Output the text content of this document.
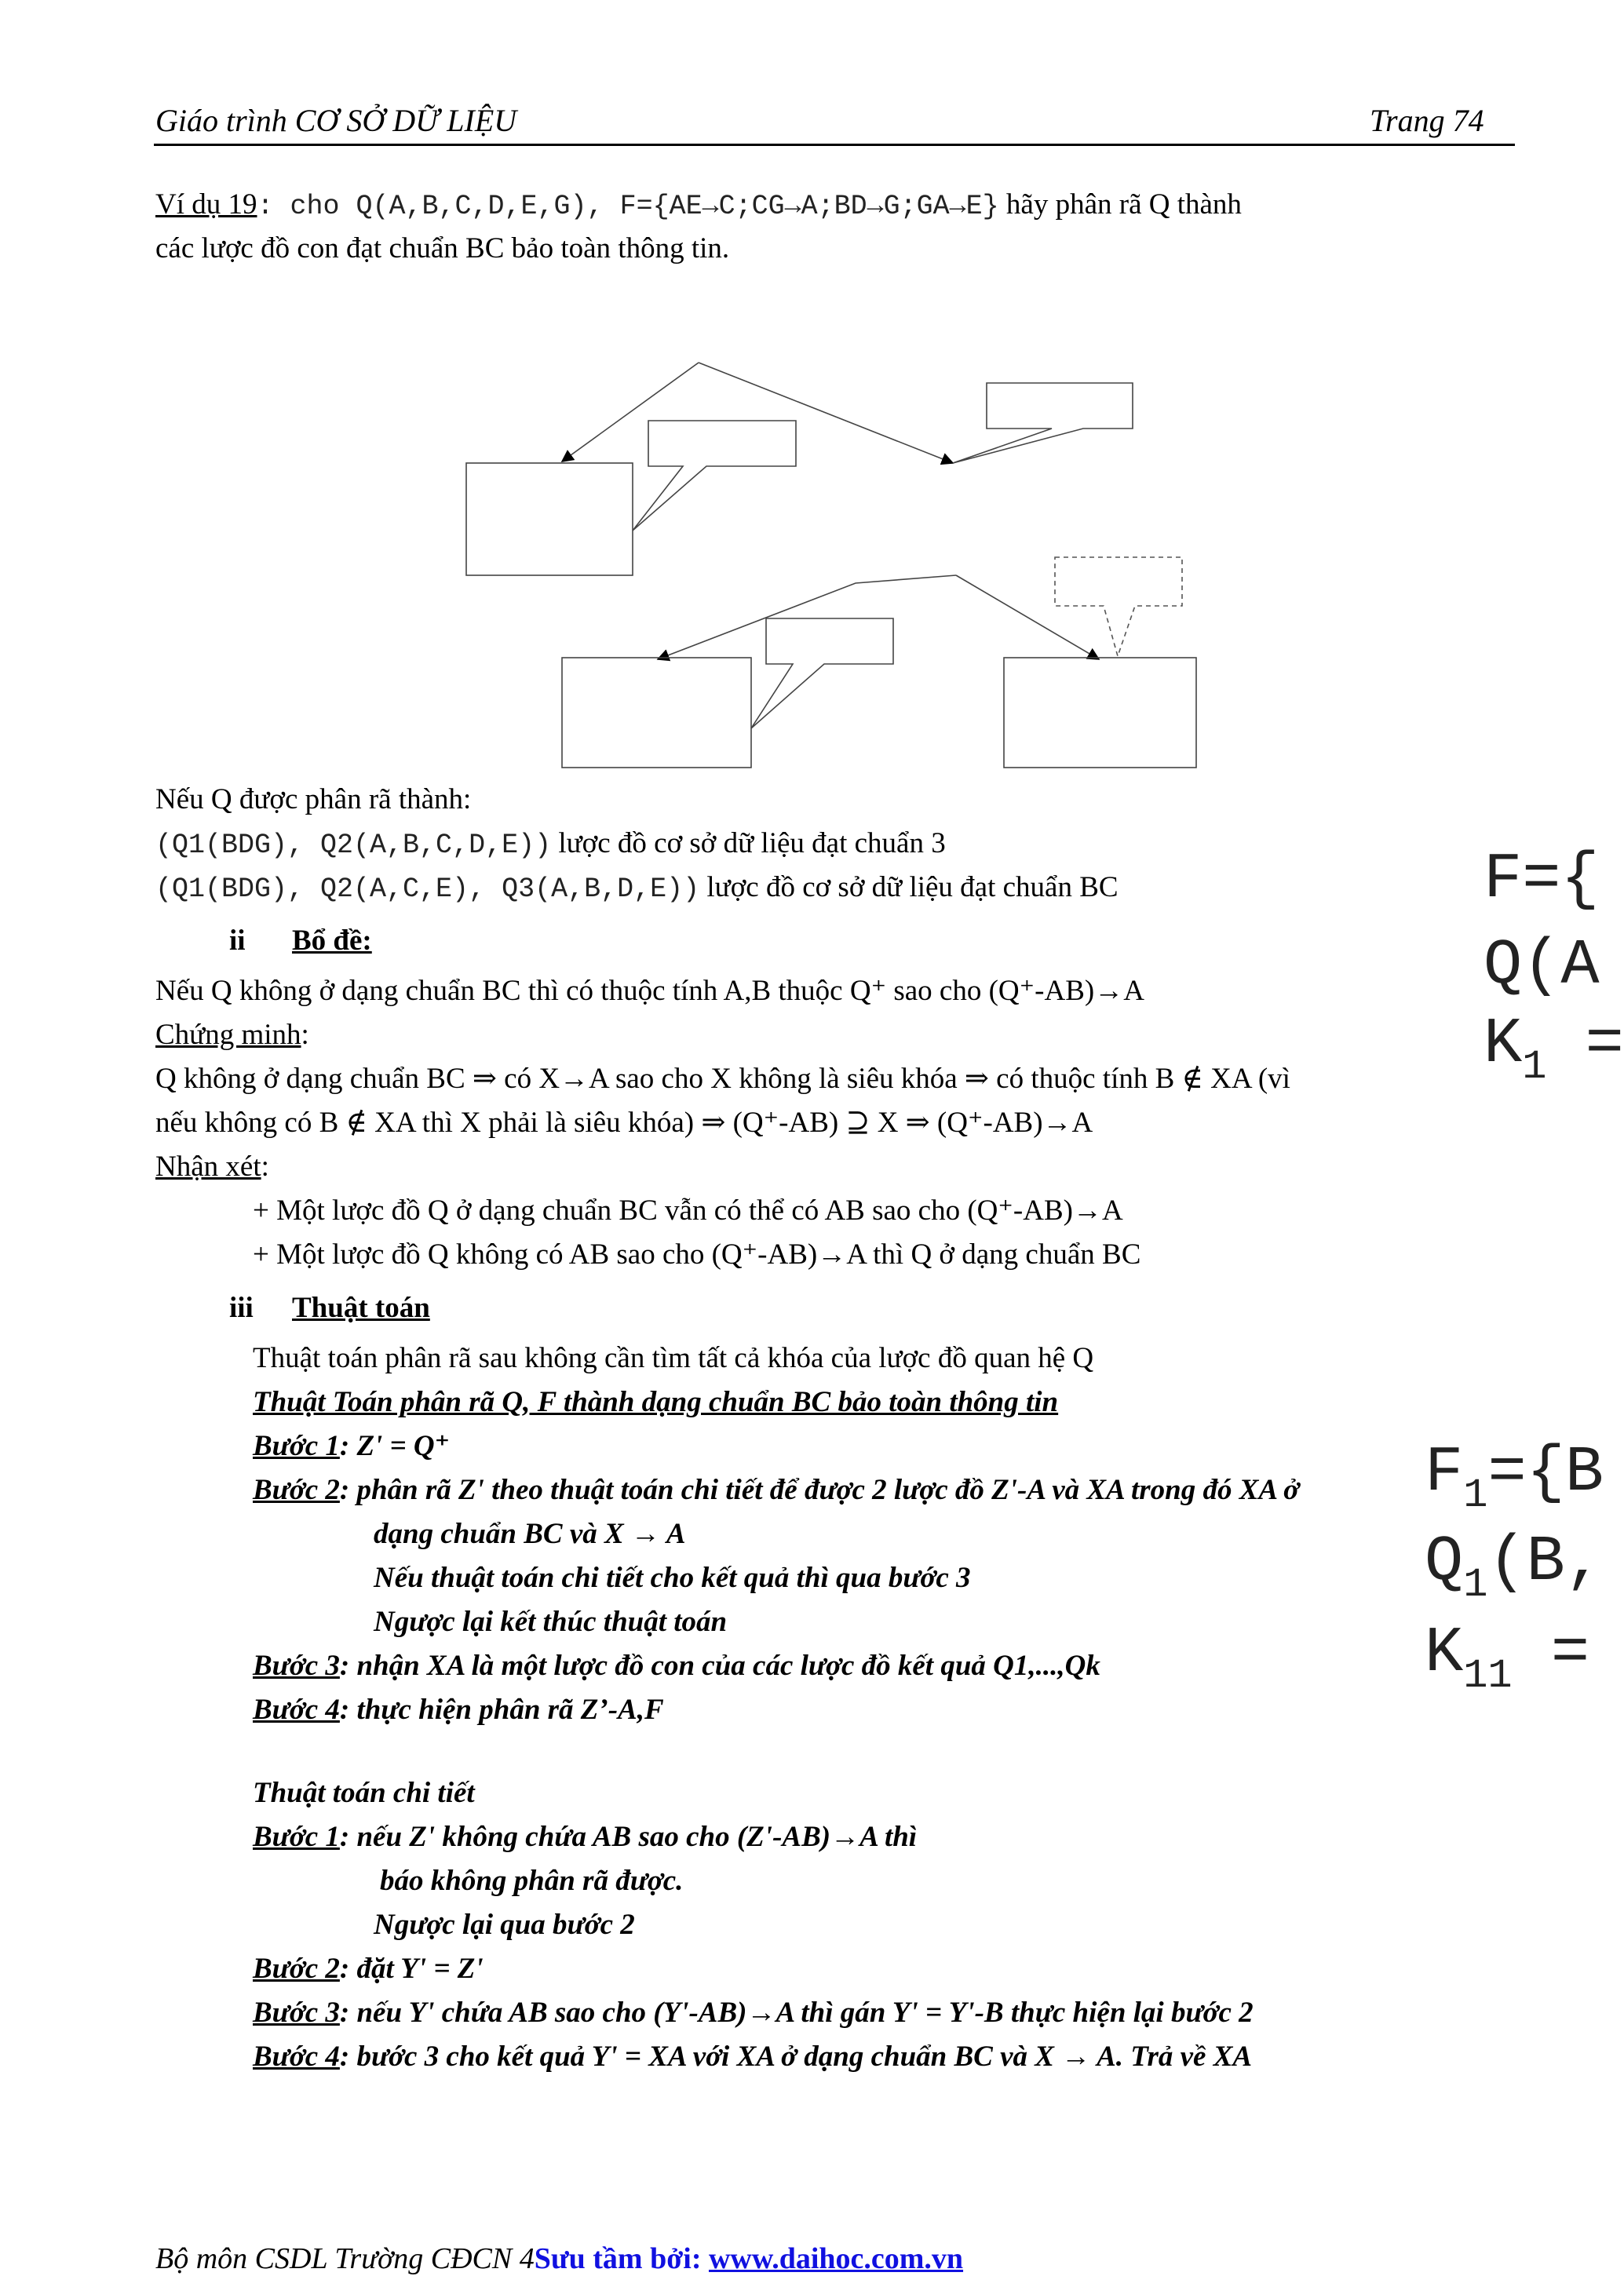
Giáo trình CƠ SỞ DỮ LIỆU	Trang 74
Ví dụ 19: cho Q(A,B,C,D,E,G), F={AE→C;CG→A;BD→G;GA→E} hãy phân rã Q thành
các lược đồ con đạt chuẩn BC bảo toàn thông tin.
Nếu Q được phân rã thành:
(Q1(BDG), Q2(A,B,C,D,E)) lược đồ cơ sở dữ liệu đạt chuẩn 3
(Q1(BDG), Q2(A,C,E), Q3(A,B,D,E)) lược đồ cơ sở dữ liệu đạt chuẩn BC
ii Bổ đề:
Nếu Q không ở dạng chuẩn BC thì có thuộc tính A,B thuộc Q⁺ sao cho (Q⁺-AB)→A
Chứng minh:
Q không ở dạng chuẩn BC ⇒ có X→A sao cho X không là siêu khóa ⇒ có thuộc tính B ∉ XA (vì
nếu không có B ∉ XA thì X phải là siêu khóa) ⇒ (Q⁺-AB) ⊇ X ⇒ (Q⁺-AB)→A
Nhận xét:
+ Một lược đồ Q ở dạng chuẩn BC vẫn có thể có AB sao cho (Q⁺-AB)→A
+ Một lược đồ Q không có AB sao cho (Q⁺-AB)→A thì Q ở dạng chuẩn BC
iii Thuật toán
Thuật toán phân rã sau không cần tìm tất cả khóa của lược đồ quan hệ Q
Thuật Toán phân rã Q, F thành dạng chuẩn BC bảo toàn thông tin
Bước 1: Z' = Q⁺
Bước 2: phân rã Z' theo thuật toán chi tiết để được 2 lược đồ Z'-A và XA trong đó XA ở
dạng chuẩn BC và X → A
Nếu thuật toán chi tiết cho kết quả thì qua bước 3
Ngược lại kết thúc thuật toán
Bước 3: nhận XA là một lược đồ con của các lược đồ kết quả Q1,...,Qk
Bước 4: thực hiện phân rã Z’-A,F
Thuật toán chi tiết
Bước 1: nếu Z' không chứa AB sao cho (Z'-AB)→A thì
báo không phân rã được.
Ngược lại qua bước 2
Bước 2: đặt Y' = Z'
Bước 3: nếu Y' chứa AB sao cho (Y'-AB)→A thì gán Y' = Y'-B thực hiện lại bước 2
Bước 4: bước 3 cho kết quả Y' = XA với XA ở dạng chuẩn BC và X → A. Trả về XA
F={
Q(A
$K_1$ =
$F_1=\{B$
$Q_1(B$,
$K_{11}$ =
Bộ môn CSDL Trường CĐCN 4Sưu tầm bởi: www.daihoc.com.vn
